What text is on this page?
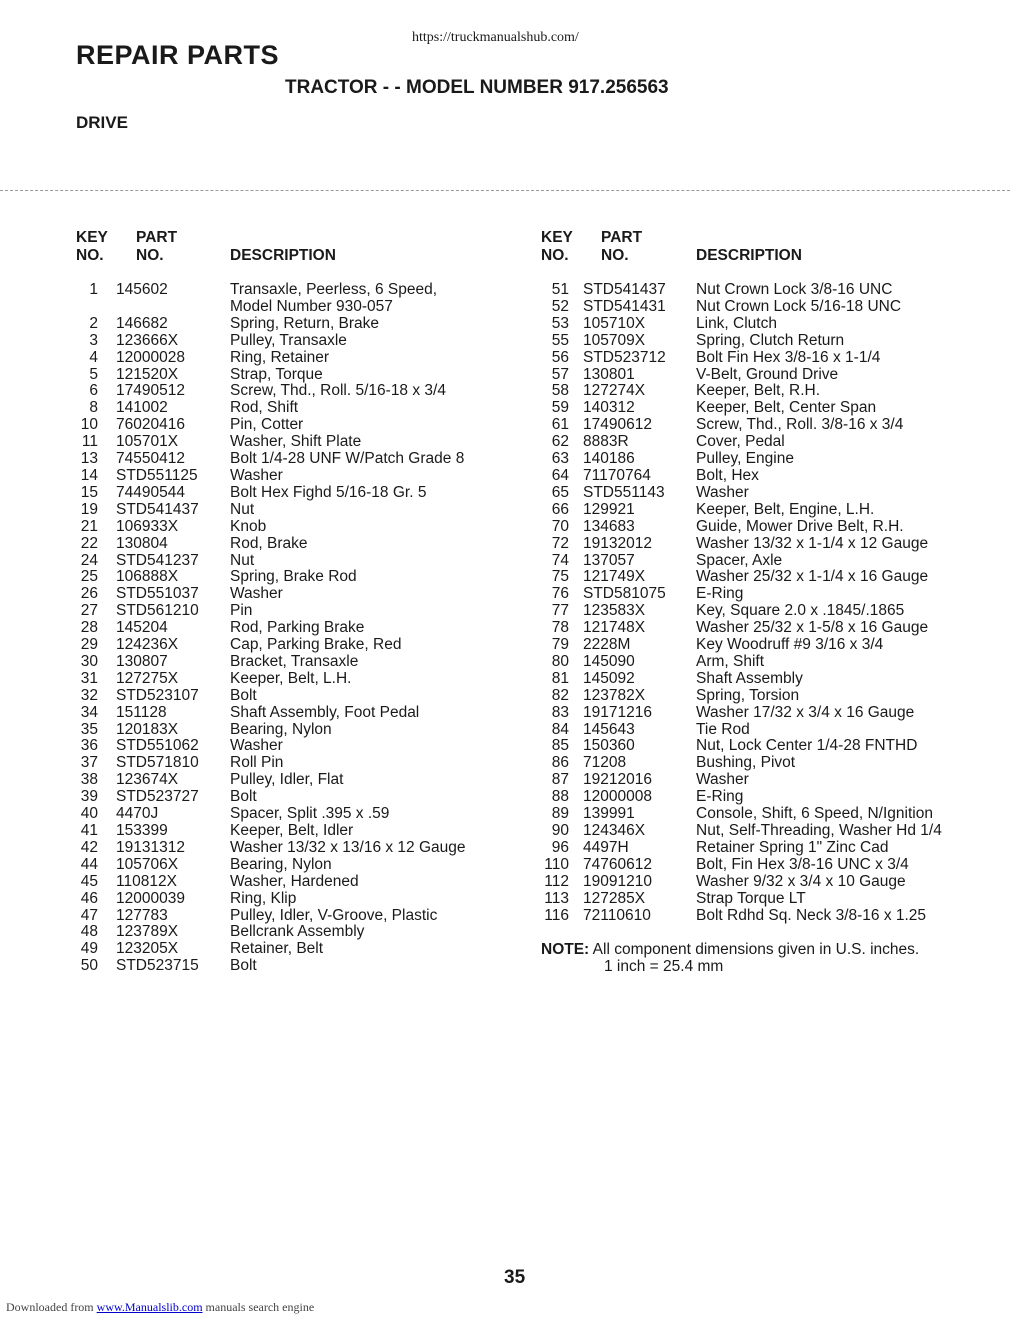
https://truckmanualshub.com/
REPAIR PARTS
TRACTOR - - MODEL NUMBER 917.256563
DRIVE
KEY
NO.
PART
NO.	DESCRIPTION
1 145602	Transaxle, Peerless, 6 Speed,
Model Number 930-057
2 146682	Spring, Return, Brake
3 123666X	Pulley, Transaxle
4 12000028	Ring, Retainer
5 121520X	Strap, Torque
6 17490512	Screw, Thd., Roll. 5/16-18 x 3/4
8 141002	Rod, Shift
10 76020416	Pin, Cotter
11 105701X	Washer, Shift Plate
13 74550412	Bolt 1/4-28 UNF W/Patch Grade 8
14 STD551125 Washer
15 74490544	Bolt Hex Fighd 5/16-18 Gr. 5
19 STD541437 Nut
21 106933X	Knob
22 130804	Rod, Brake
24 STD541237 Nut
25 106888X	Spring, Brake Rod
26 STD551037 Washer
27 STD561210 Pin
28 145204	Rod, Parking Brake
29 124236X	Cap, Parking Brake, Red
30 130807	Bracket, Transaxle
31 127275X	Keeper, Belt, L.H.
32 STD523107 Bolt
34 151128	Shaft Assembly, Foot Pedal
35 120183X	Bearing, Nylon
36 STD551062 Washer
37 STD571810 Roll Pin
38 123674X	Pulley, Idler, Flat
39 STD523727 Bolt
40 4470J	Spacer, Split .395 x .59
41 153399	Keeper, Belt, Idler
42 19131312	Washer 13/32 x 13/16 x 12 Gauge
44 105706X	Bearing, Nylon
45 110812X	Washer, Hardened
46 12000039	Ring, Klip
47 127783	Pulley, Idler, V-Groove, Plastic
48 123789X	Bellcrank Assembly
49 123205X	Retainer, Belt
50 STD523715 Bolt
KEY
NO.
PART
NO.	DESCRIPTION
51 STD541437 Nut Crown Lock 3/8-16 UNC
52 STD541431 Nut Crown Lock 5/16-18 UNC
53 105710X	Link, Clutch
55 105709X	Spring, Clutch Return
56 STD523712 Bolt Fin Hex 3/8-16 x 1-1/4
57 130801	V-Belt, Ground Drive
58 127274X	Keeper, Belt, R.H.
59 140312	Keeper, Belt, Center Span
61 17490612	Screw, Thd., Roll. 3/8-16 x 3/4
62 8883R	Cover, Pedal
63 140186	Pulley, Engine
64 71170764	Bolt, Hex
65 STD551143 Washer
66 129921	Keeper, Belt, Engine, L.H.
70 134683	Guide, Mower Drive Belt, R.H.
72 19132012	Washer 13/32 x 1-1/4 x 12 Gauge
74 137057	Spacer, Axle
75 121749X	Washer 25/32 x 1-1/4 x 16 Gauge
76 STD581075 E-Ring
77 123583X	Key, Square 2.0 x .1845/.1865
78 121748X	Washer 25/32 x 1-5/8 x 16 Gauge
79 2228M	Key Woodruff #9 3/16 x 3/4
80 145090	Arm, Shift
81 145092	Shaft Assembly
82 123782X	Spring, Torsion
83 19171216	Washer 17/32 x 3/4 x 16 Gauge
84 145643	Tie Rod
85 150360	Nut, Lock Center 1/4-28 FNTHD
86 71208	Bushing, Pivot
87 19212016	Washer
88 12000008	E-Ring
89 139991	Console, Shift, 6 Speed, N/Ignition
90 124346X	Nut, Self-Threading, Washer Hd 1/4
96 4497H	Retainer Spring 1" Zinc Cad
110 74760612	Bolt, Fin Hex 3/8-16 UNC x 3/4
112 19091210	Washer 9/32 x 3/4 x 10 Gauge
113 127285X	Strap Torque LT
116 72110610	Bolt Rdhd Sq. Neck 3/8-16 x 1.25
NOTE: All component dimensions given in U.S. inches.
1 inch = 25.4 mm
35
Downloaded from www.Manualslib.com manuals search engine
